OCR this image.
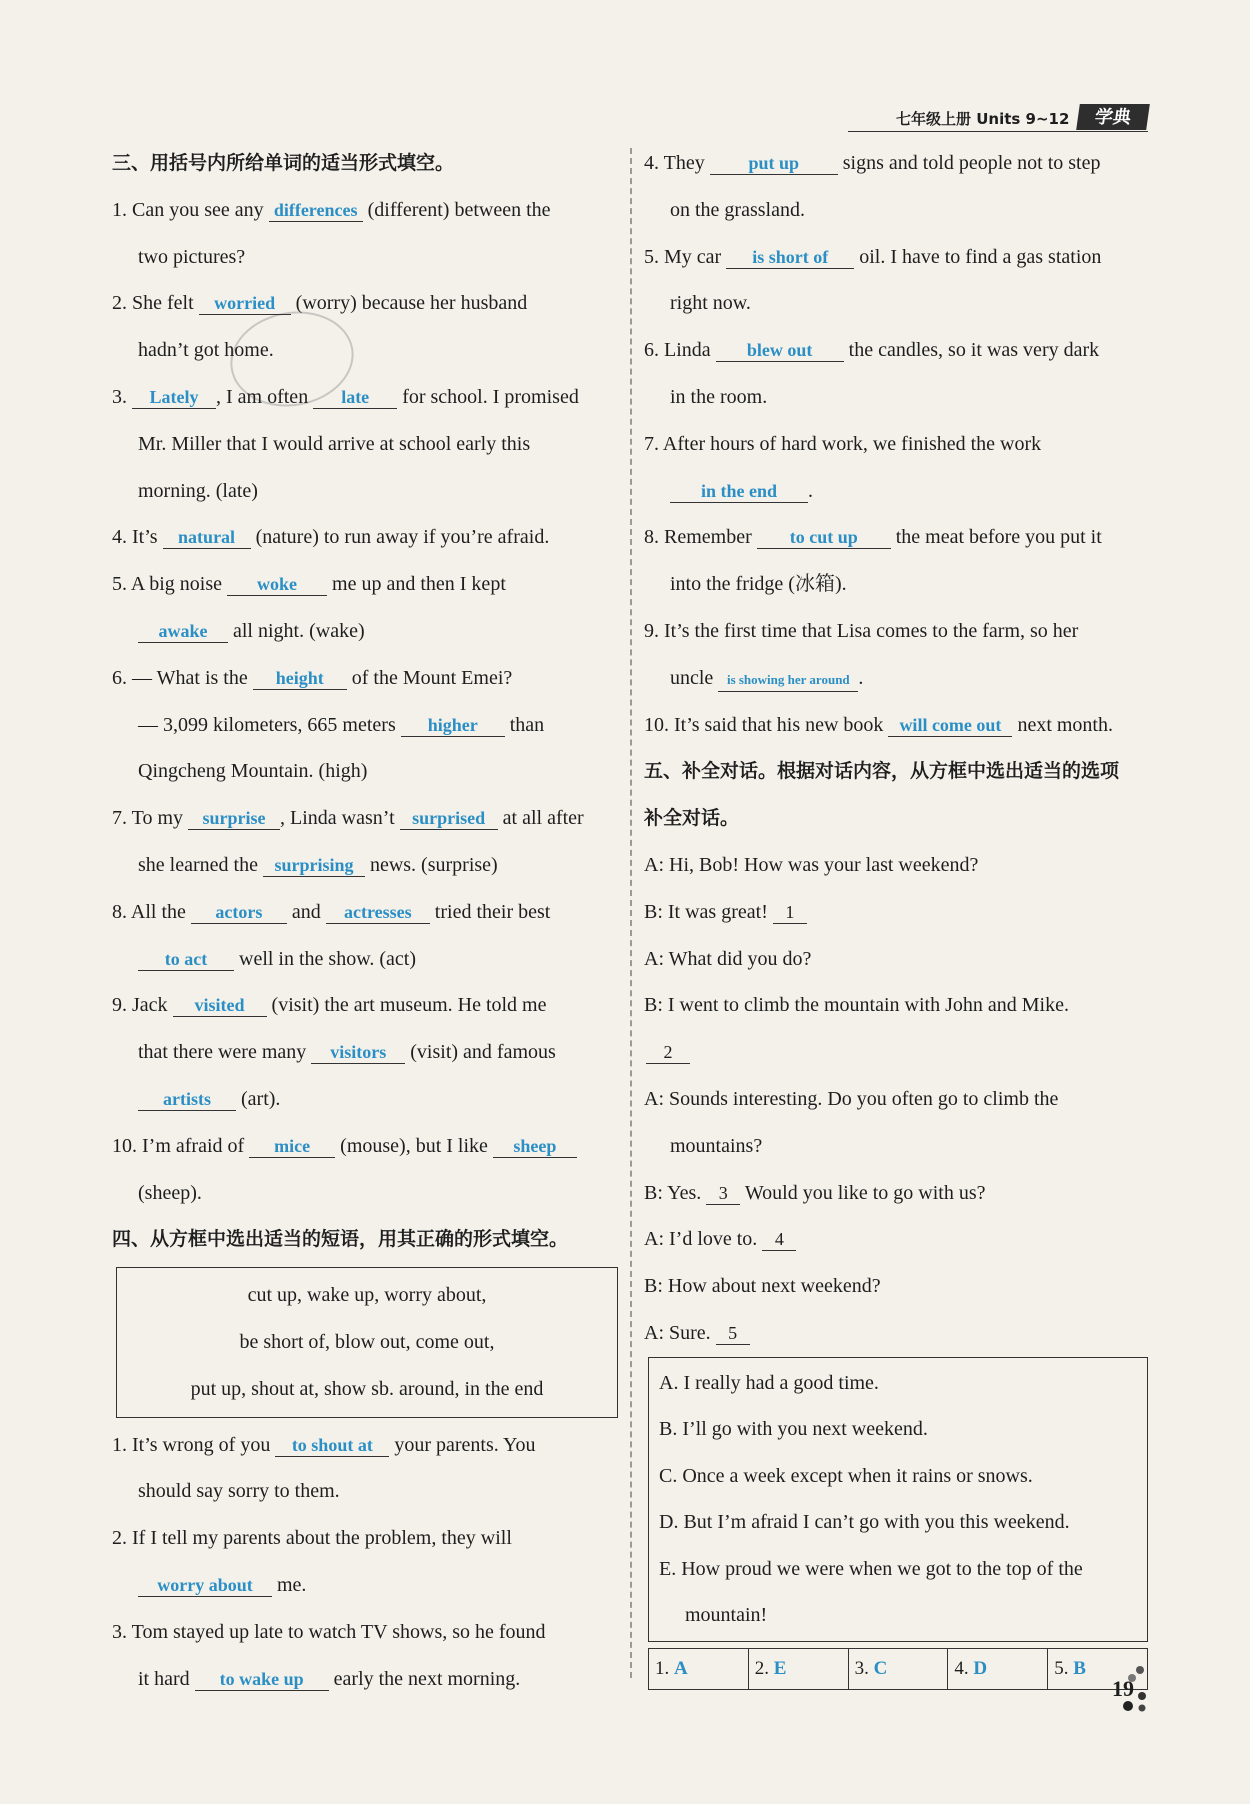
七年级上册 Units 9~12	学典
三、用括号内所给单词的适当形式填空。
1. Can you see any differences (different) between the
two pictures?
2. She felt worried (worry) because her husband
hadn’t got home.
3. Lately , I am often late for school. I promised
Mr. Miller that I would arrive at school early this
morning. (late)
4. It’s natural (nature) to run away if you’re afraid.
5. A big noise woke me up and then I kept
awake all night. (wake)
6. — What is the height of the Mount Emei?
— 3,099 kilometers, 665 meters higher than
Qingcheng Mountain. (high)
7. To my surprise , Linda wasn’t surprised at all after
she learned the surprising news. (surprise)
8. All the actors and actresses tried their best
to act well in the show. (act)
9. Jack visited (visit) the art museum. He told me
that there were many visitors (visit) and famous
artists (art).
10. I’m afraid of mice (mouse), but I like sheep
(sheep).
四、从方框中选出适当的短语，用其正确的形式填空。
cut up, wake up, worry about,
be short of, blow out, come out,
put up, shout at, show sb. around, in the end
1. It’s wrong of you to shout at your parents. You
should say sorry to them.
2. If I tell my parents about the problem, they will
worry about me.
3. Tom stayed up late to watch TV shows, so he found
it hard to wake up early the next morning.
4. They put up signs and told people not to step
on the grassland.
5. My car is short of oil. I have to find a gas station
right now.
6. Linda blew out the candles, so it was very dark
in the room.
7. After hours of hard work, we finished the work
in the end .
8. Remember to cut up the meat before you put it
into the fridge (冰箱).
9. It’s the first time that Lisa comes to the farm, so her
uncle is showing her around .
10. It’s said that his new book will come out next month.
五、补全对话。根据对话内容，从方框中选出适当的选项
补全对话。
A: Hi, Bob! How was your last weekend?
B: It was great! 1
A: What did you do?
B: I went to climb the mountain with John and Mike.
2
A: Sounds interesting. Do you often go to climb the
mountains?
B: Yes. 3 Would you like to go with us?
A: I’d love to. 4
B: How about next weekend?
A: Sure. 5
A. I really had a good time.
B. I’ll go with you next weekend.
C. Once a week except when it rains or snows.
D. But I’m afraid I can’t go with you this weekend.
E. How proud we were when we got to the top of the
mountain!
1. A	2. E	3. C	4. D	5. B
19
